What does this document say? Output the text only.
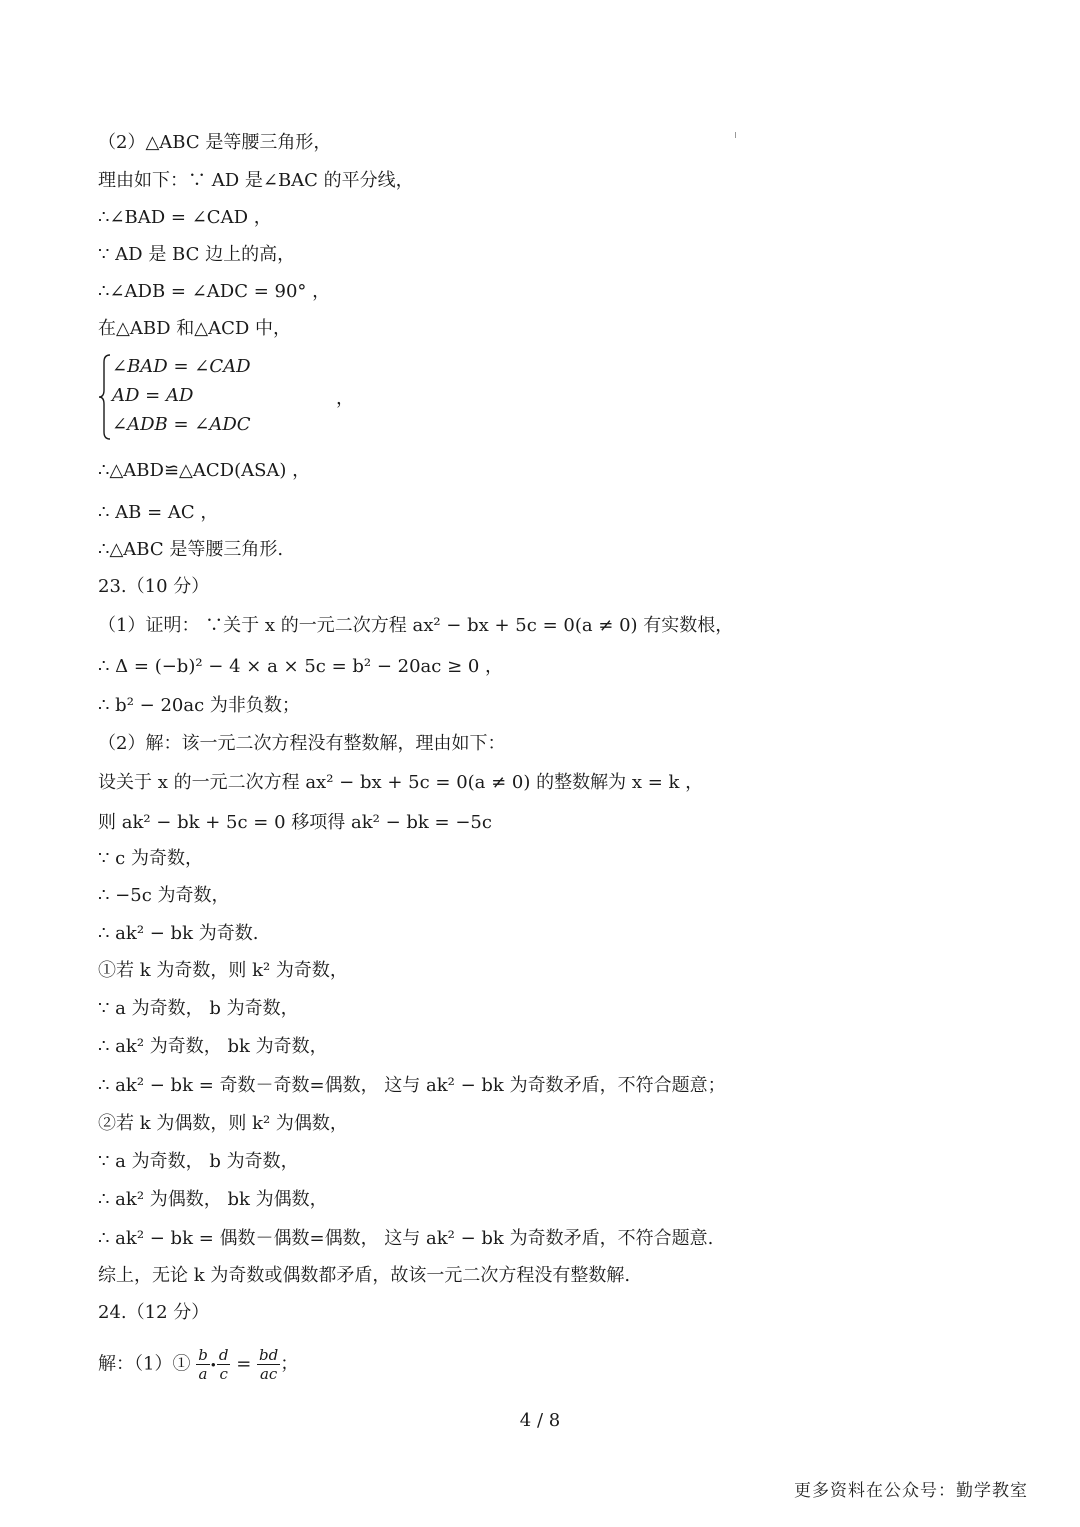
（2）△ABC 是等腰三角形，
理由如下：∵ AD 是∠BAC 的平分线，
∴∠BAD = ∠CAD ，
∵ AD 是 BC 边上的高，
∴∠ADB = ∠ADC = 90° ，
在△ABD 和△ACD 中，
∠BAD = ∠CAD
AD = AD
∠ADB = ∠ADC
，
∴△ABD≌△ACD(ASA) ，
∴ AB = AC ，
∴△ABC 是等腰三角形.
23.（10 分）
（1）证明： ∵关于 x 的一元二次方程 ax² − bx + 5c = 0(a ≠ 0) 有实数根，
∴ Δ = (−b)² − 4 × a × 5c = b² − 20ac ≥ 0 ，
∴ b² − 20ac 为非负数；
（2）解：该一元二次方程没有整数解，理由如下：
设关于 x 的一元二次方程 ax² − bx + 5c = 0(a ≠ 0) 的整数解为 x = k ，
则 ak² − bk + 5c = 0 移项得 ak² − bk = −5c
∵ c 为奇数，
∴ −5c 为奇数，
∴ ak² − bk 为奇数.
①若 k 为奇数，则 k² 为奇数，
∵ a 为奇数， b 为奇数，
∴ ak² 为奇数， bk 为奇数，
∴ ak² − bk = 奇数－奇数=偶数， 这与 ak² − bk 为奇数矛盾，不符合题意；
②若 k 为偶数，则 k² 为偶数，
∵ a 为奇数， b 为奇数，
∴ ak² 为偶数， bk 为偶数，
∴ ak² − bk = 偶数－偶数=偶数， 这与 ak² − bk 为奇数矛盾，不符合题意.
综上，无论 k 为奇数或偶数都矛盾，故该一元二次方程没有整数解.
24.（12 分）
解：（1）① $\frac{b}{a}$ • $\frac{d}{c} = \frac{bd}{ac}$ ；
4 / 8
更多资料在公众号：勤学教室
